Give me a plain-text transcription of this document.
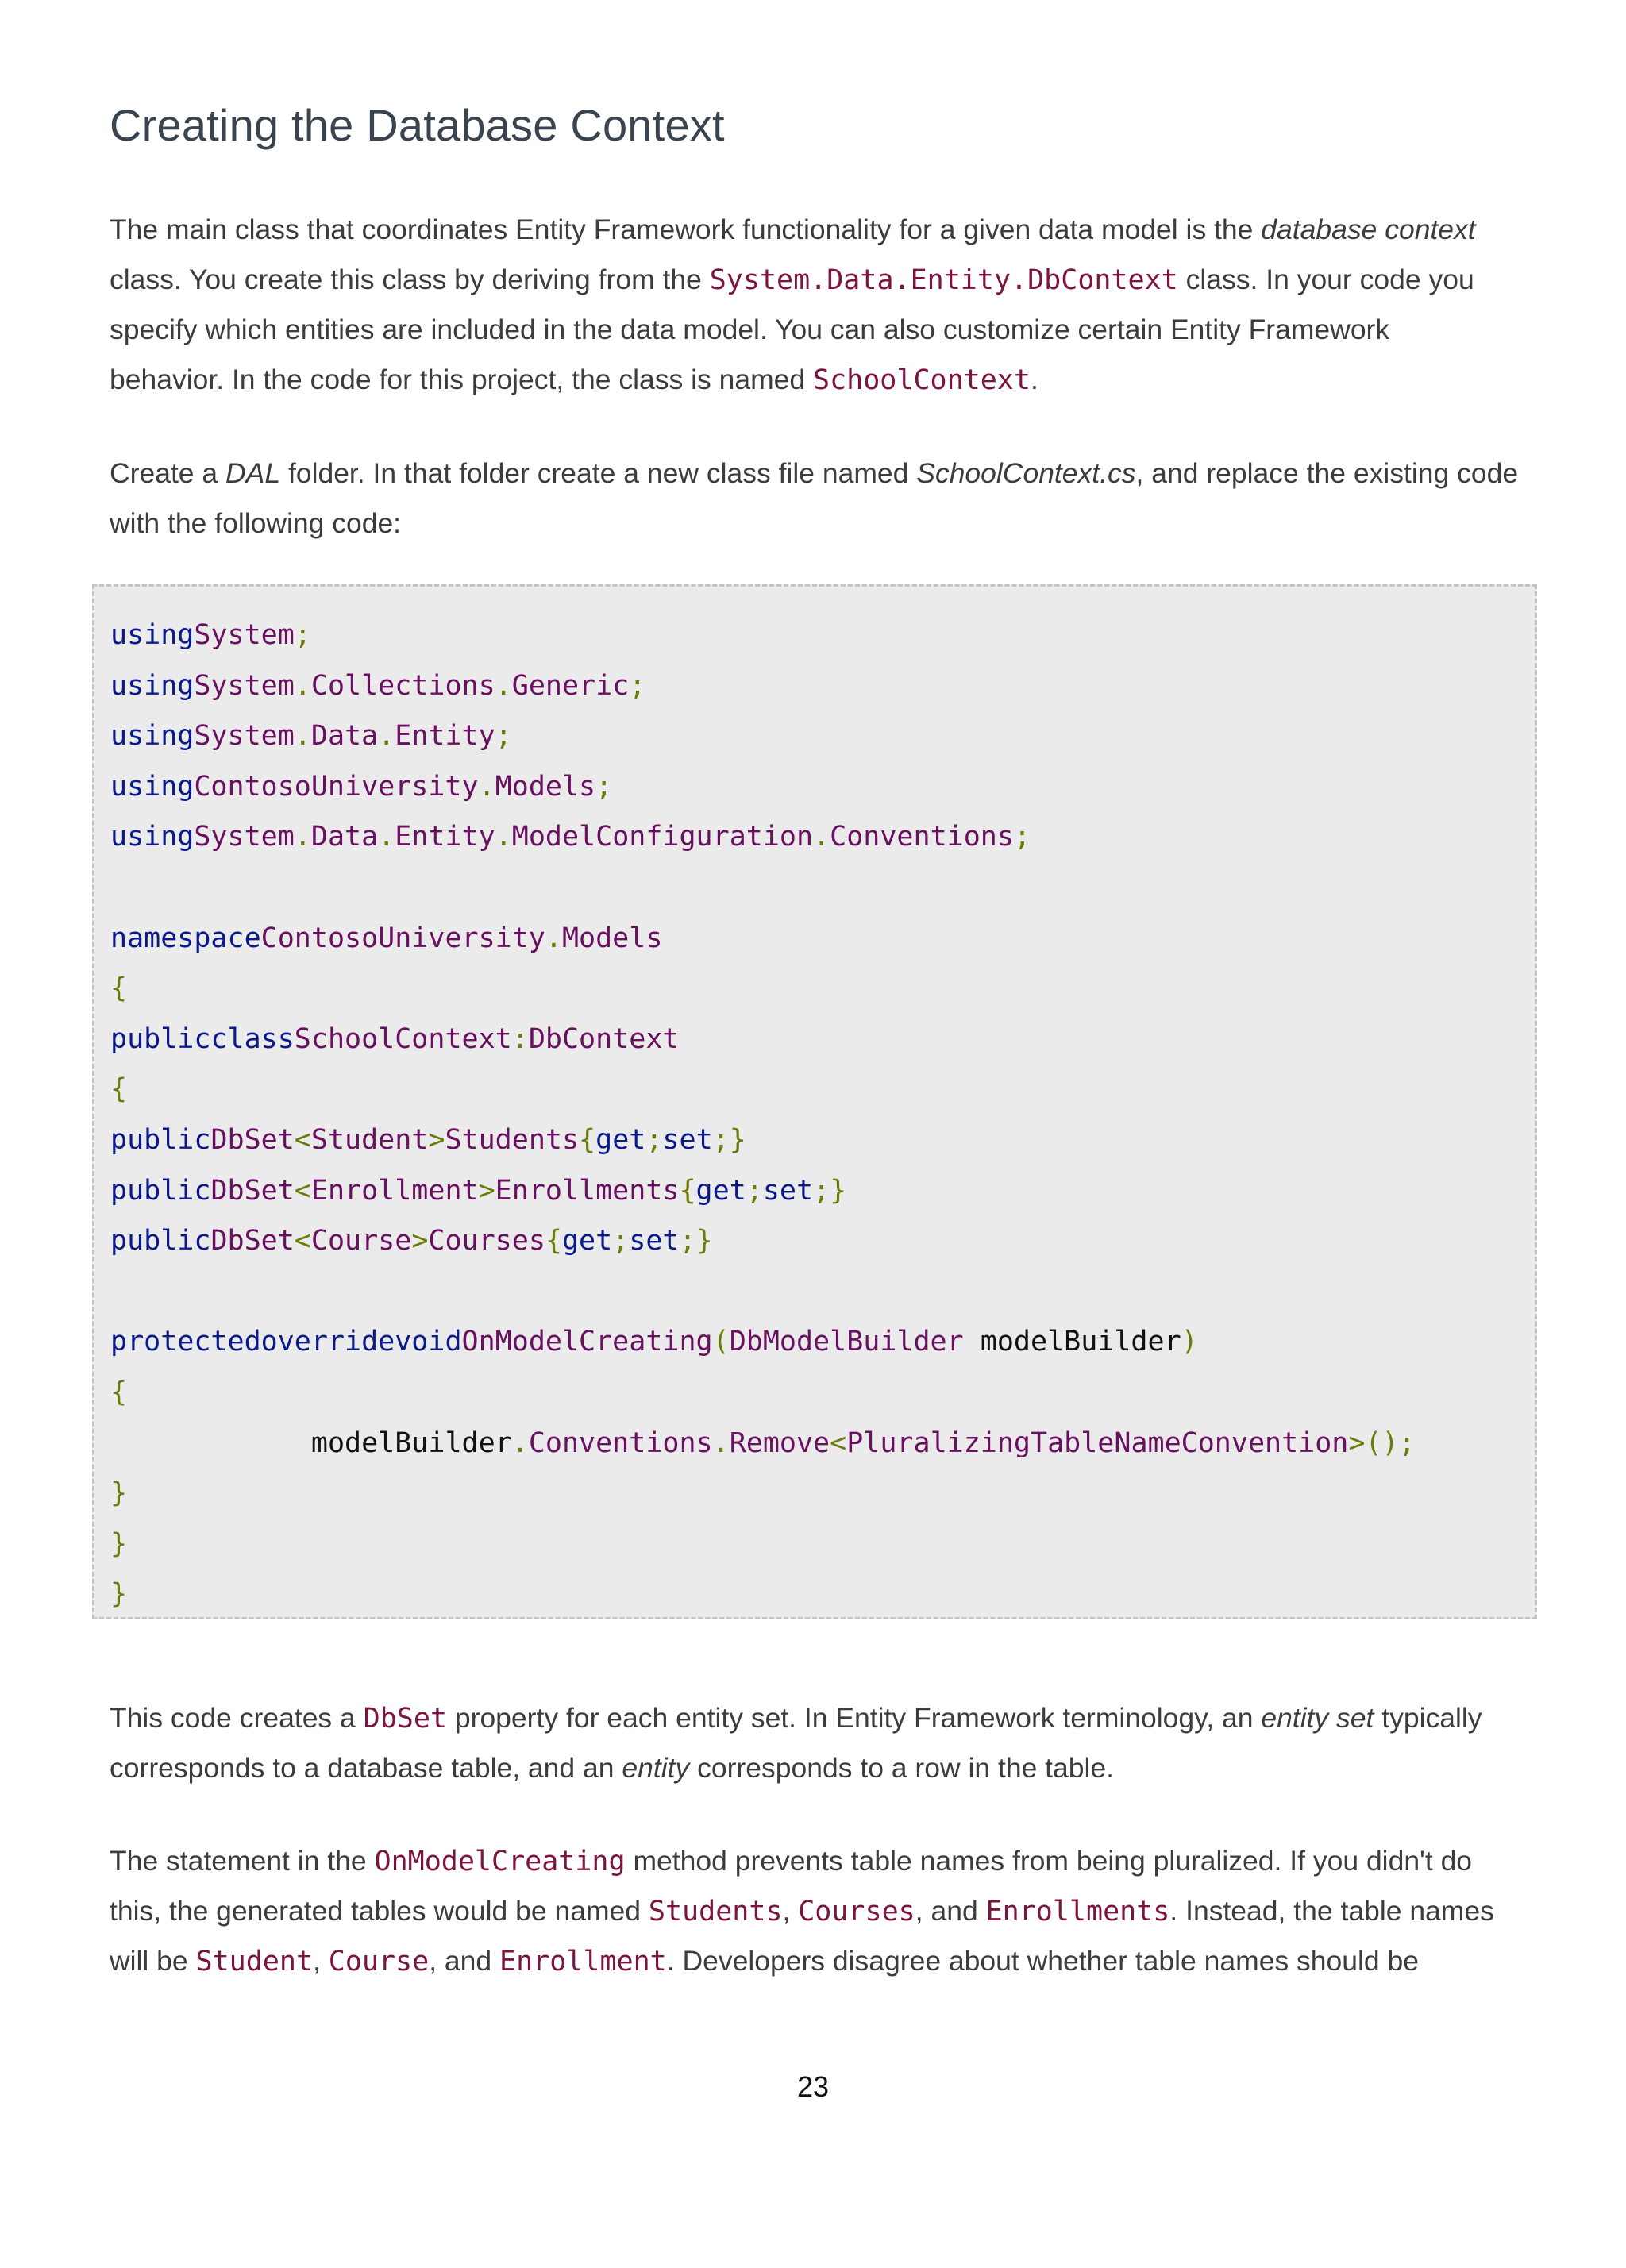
Creating the Database Context
The main class that coordinates Entity Framework functionality for a given data model is the database context
class. You create this class by deriving from the System.Data.Entity.DbContext class. In your code you
specify which entities are included in the data model. You can also customize certain Entity Framework
behavior. In the code for this project, the class is named SchoolContext.
Create a DAL folder. In that folder create a new class file named SchoolContext.cs, and replace the existing code
with the following code:
usingSystem;
usingSystem.Collections.Generic;
usingSystem.Data.Entity;
usingContosoUniversity.Models;
usingSystem.Data.Entity.ModelConfiguration.Conventions;

namespaceContosoUniversity.Models
{
publicclassSchoolContext:DbContext
{
publicDbSet<Student>Students{get;set;}
publicDbSet<Enrollment>Enrollments{get;set;}
publicDbSet<Course>Courses{get;set;}

protectedoverridevoidOnModelCreating(DbModelBuilder modelBuilder)
{
modelBuilder.Conventions.Remove<PluralizingTableNameConvention>();
}
}
}
This code creates a DbSet property for each entity set. In Entity Framework terminology, an entity set typically
corresponds to a database table, and an entity corresponds to a row in the table.
The statement in the OnModelCreating method prevents table names from being pluralized. If you didn't do
this, the generated tables would be named Students, Courses, and Enrollments. Instead, the table names
will be Student, Course, and Enrollment. Developers disagree about whether table names should be
23
